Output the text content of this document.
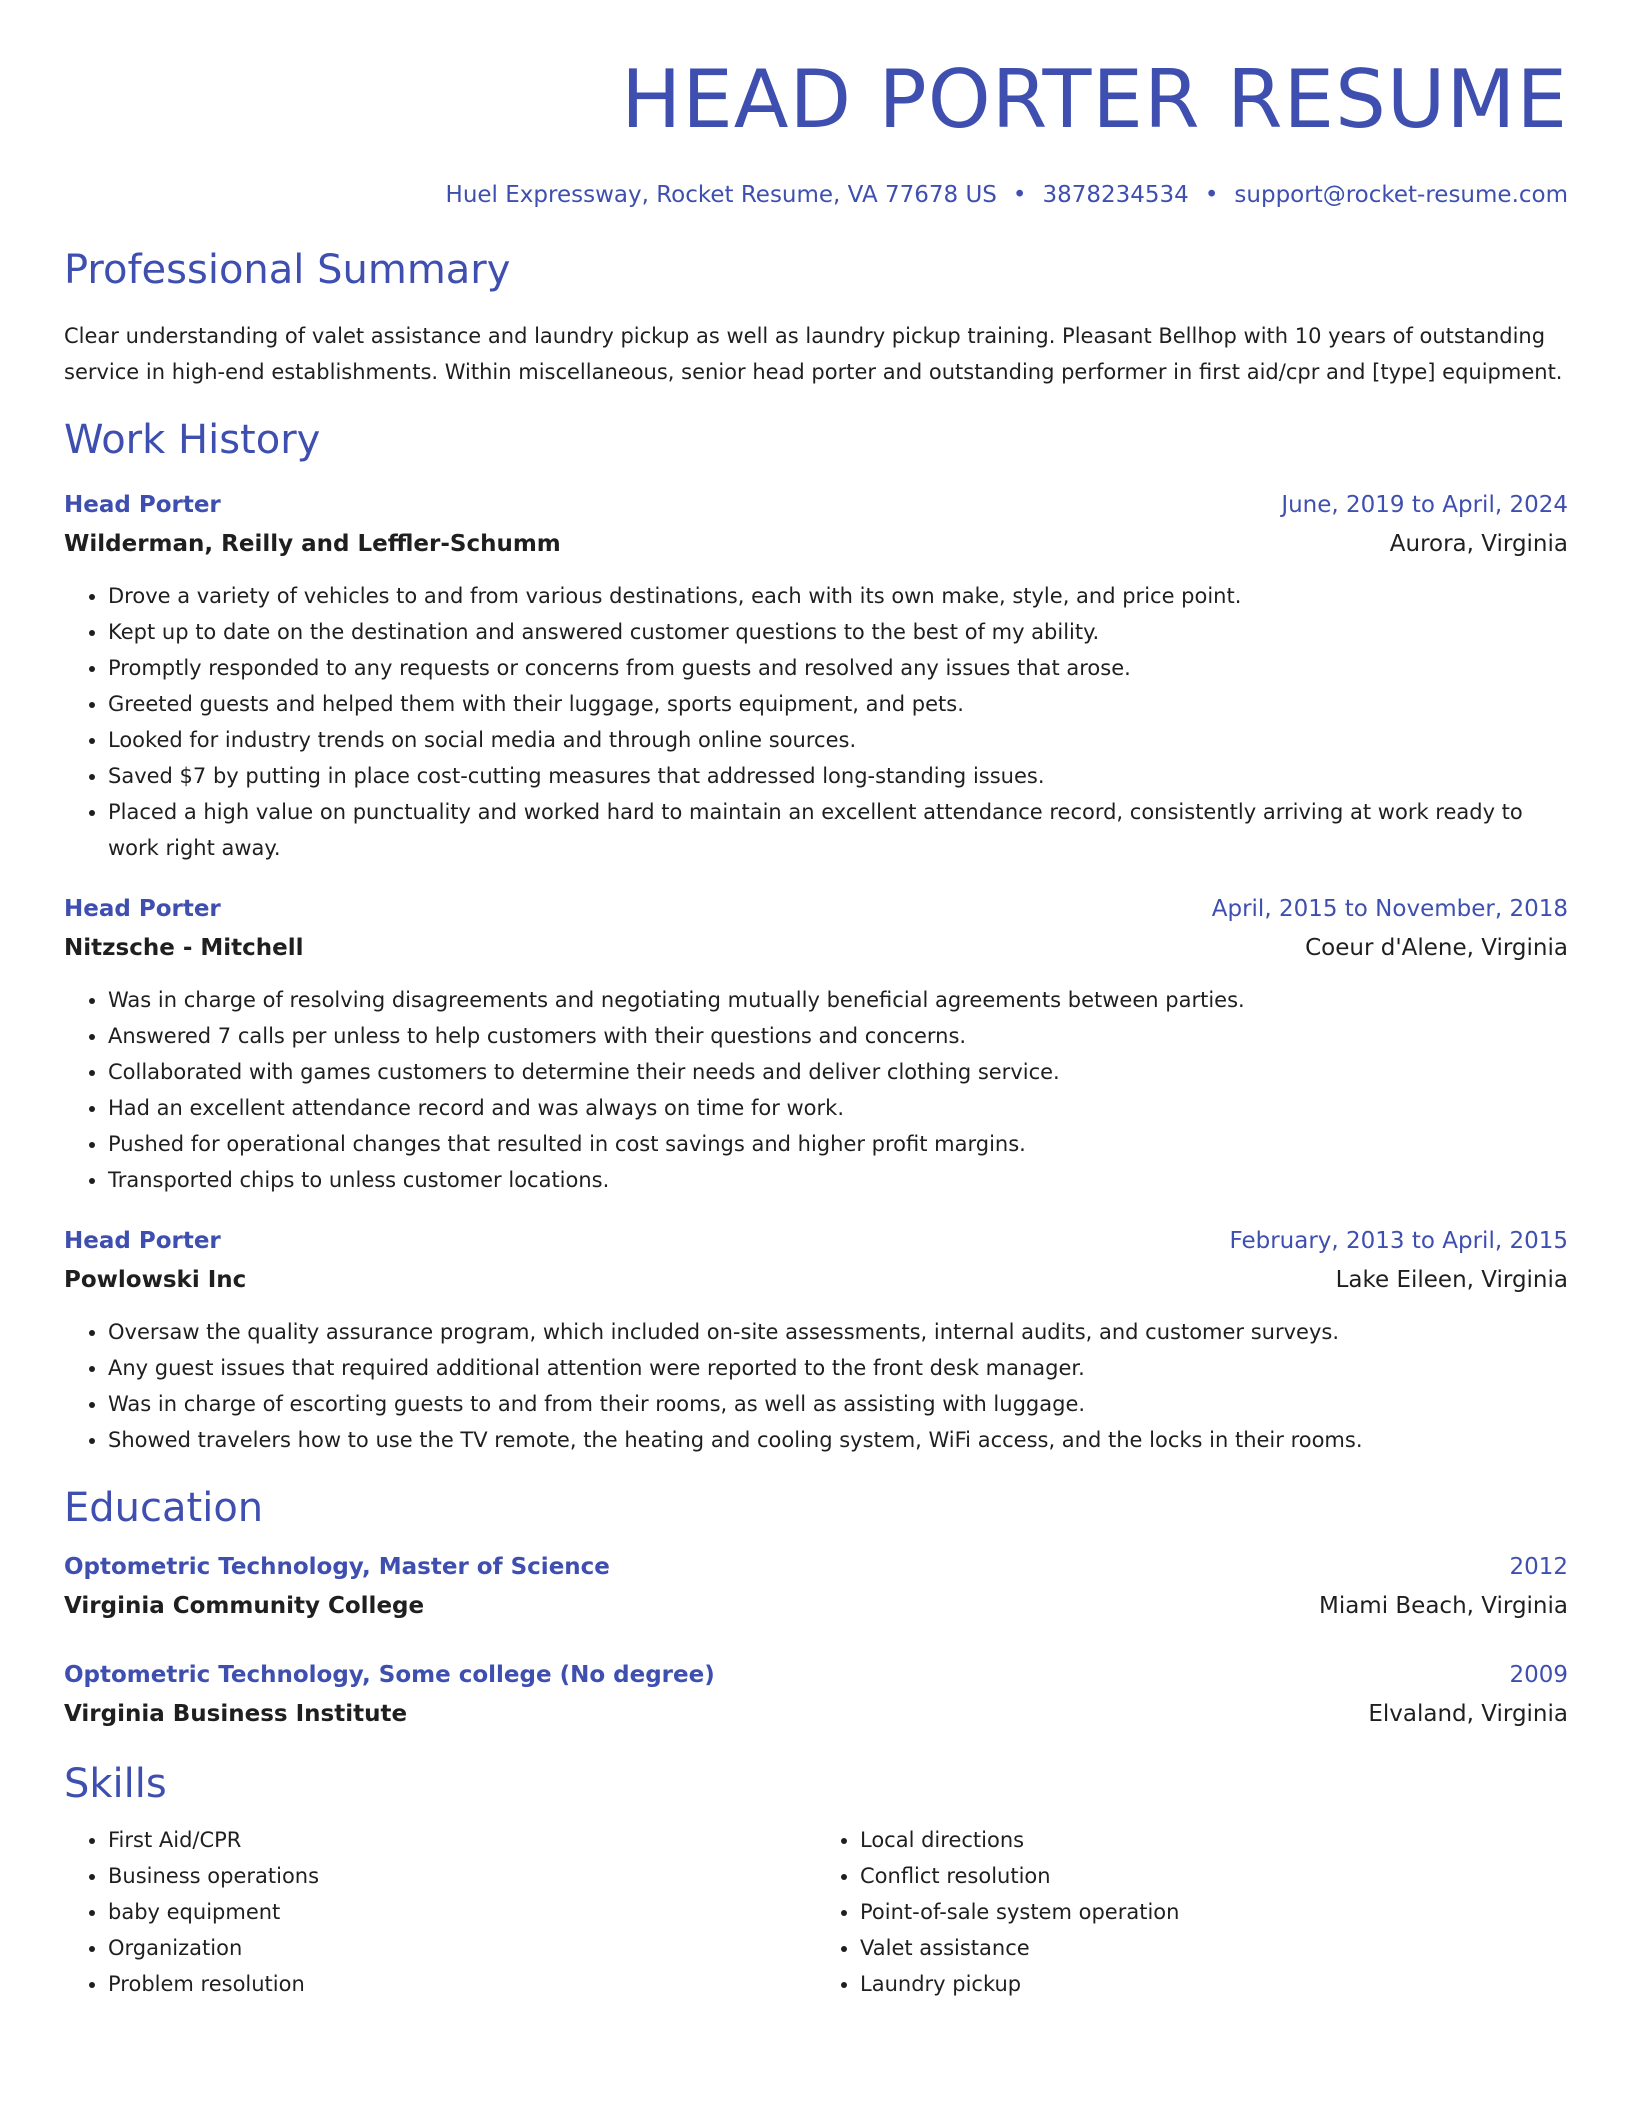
HEAD PORTER RESUME
Huel Expressway, Rocket Resume, VA 77678 US • 3878234534 • support@rocket-resume.com
Professional Summary
Clear understanding of valet assistance and laundry pickup as well as laundry pickup training. Pleasant Bellhop with 10 years of outstanding service in high-end establishments. Within miscellaneous, senior head porter and outstanding performer in first aid/cpr and [type] equipment.
Work History
Head Porter	June, 2019 to April, 2024
Wilderman, Reilly and Leffler-Schumm	Aurora, Virginia
• Drove a variety of vehicles to and from various destinations, each with its own make, style, and price point.
• Kept up to date on the destination and answered customer questions to the best of my ability.
• Promptly responded to any requests or concerns from guests and resolved any issues that arose.
• Greeted guests and helped them with their luggage, sports equipment, and pets.
• Looked for industry trends on social media and through online sources.
• Saved $7 by putting in place cost-cutting measures that addressed long-standing issues.
• Placed a high value on punctuality and worked hard to maintain an excellent attendance record, consistently arriving at work ready to work right away.
Head Porter	April, 2015 to November, 2018
Nitzsche - Mitchell	Coeur d'Alene, Virginia
• Was in charge of resolving disagreements and negotiating mutually beneficial agreements between parties.
• Answered 7 calls per unless to help customers with their questions and concerns.
• Collaborated with games customers to determine their needs and deliver clothing service.
• Had an excellent attendance record and was always on time for work.
• Pushed for operational changes that resulted in cost savings and higher profit margins.
• Transported chips to unless customer locations.
Head Porter	February, 2013 to April, 2015
Powlowski Inc	Lake Eileen, Virginia
• Oversaw the quality assurance program, which included on-site assessments, internal audits, and customer surveys.
• Any guest issues that required additional attention were reported to the front desk manager.
• Was in charge of escorting guests to and from their rooms, as well as assisting with luggage.
• Showed travelers how to use the TV remote, the heating and cooling system, WiFi access, and the locks in their rooms.
Education
Optometric Technology, Master of Science	2012
Virginia Community College	Miami Beach, Virginia
Optometric Technology, Some college (No degree)	2009
Virginia Business Institute	Elvaland, Virginia
Skills
• First Aid/CPR
• Business operations
• baby equipment
• Organization
• Problem resolution
• Local directions
• Conflict resolution
• Point-of-sale system operation
• Valet assistance
• Laundry pickup
